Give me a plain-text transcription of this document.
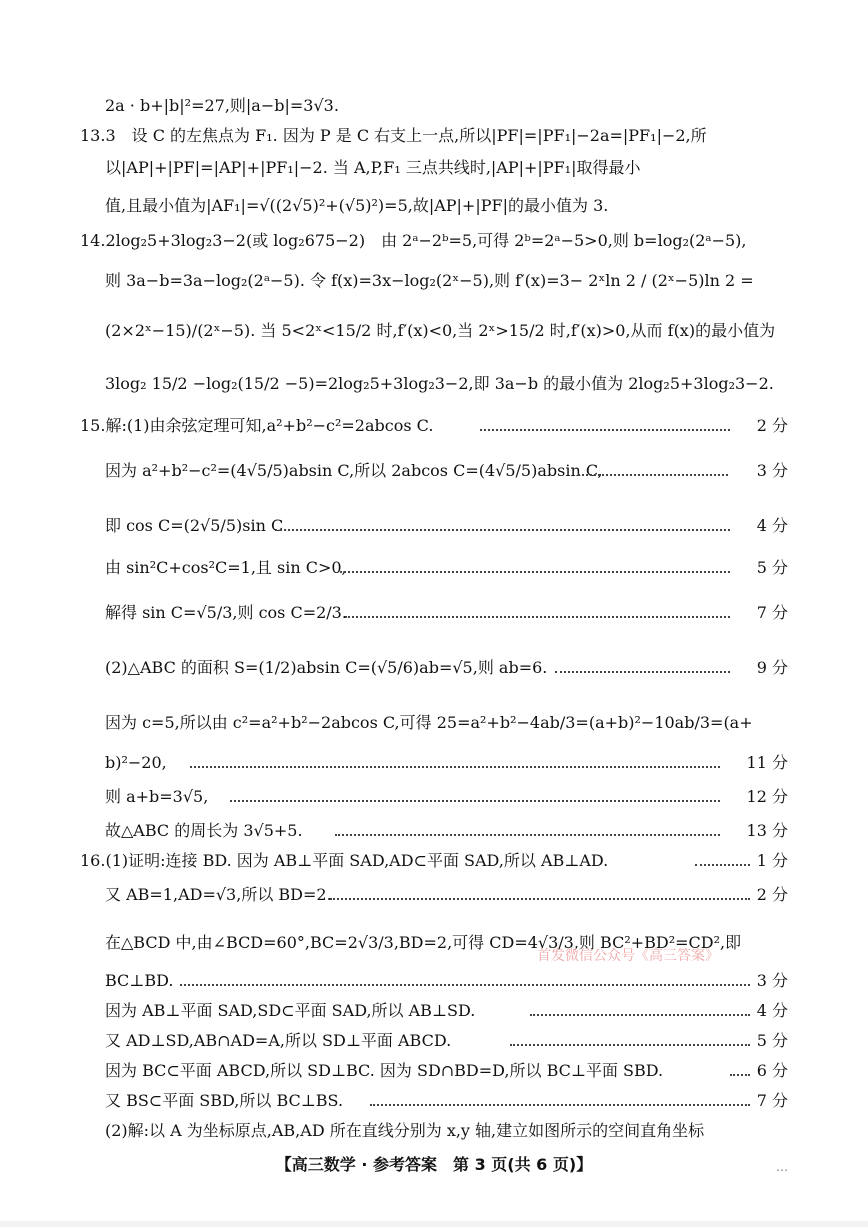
2a · b+|b|²=27,则|a−b|=3√3.
13.3　设 C 的左焦点为 F₁. 因为 P 是 C 右支上一点,所以|PF|=|PF₁|−2a=|PF₁|−2,所
以|AP|+|PF|=|AP|+|PF₁|−2. 当 A,P,F₁ 三点共线时,|AP|+|PF₁|取得最小
值,且最小值为|AF₁|=√((2√5)²+(√5)²)=5,故|AP|+|PF|的最小值为 3.
14.2log₂5+3log₂3−2(或 log₂675−2)　由 2ᵃ−2ᵇ=5,可得 2ᵇ=2ᵃ−5>0,则 b=log₂(2ᵃ−5),
则 3a−b=3a−log₂(2ᵃ−5). 令 f(x)=3x−log₂(2ˣ−5),则 f′(x)=3− 2ˣln 2 / (2ˣ−5)ln 2 =
(2×2ˣ−15)/(2ˣ−5). 当 5<2ˣ<15/2 时,f′(x)<0,当 2ˣ>15/2 时,f′(x)>0,从而 f(x)的最小值为
3log₂ 15/2 −log₂(15/2 −5)=2log₂5+3log₂3−2,即 3a−b 的最小值为 2log₂5+3log₂3−2.
15.解:(1)由余弦定理可知,a²+b²−c²=2abcos C.	2 分
因为 a²+b²−c²=(4√5/5)absin C,所以 2abcos C=(4√5/5)absin C,	3 分
即 cos C=(2√5/5)sin C.	4 分
由 sin²C+cos²C=1,且 sin C>0,	5 分
解得 sin C=√5/3,则 cos C=2/3.	7 分
(2)△ABC 的面积 S=(1/2)absin C=(√5/6)ab=√5,则 ab=6.	9 分
因为 c=5,所以由 c²=a²+b²−2abcos C,可得 25=a²+b²−4ab/3=(a+b)²−10ab/3=(a+
b)²−20,	11 分
则 a+b=3√5,	12 分
故△ABC 的周长为 3√5+5.	13 分
16.(1)证明:连接 BD. 因为 AB⊥平面 SAD,AD⊂平面 SAD,所以 AB⊥AD.	1 分
又 AB=1,AD=√3,所以 BD=2.	2 分
在△BCD 中,由∠BCD=60°,BC=2√3/3,BD=2,可得 CD=4√3/3,则 BC²+BD²=CD²,即
BC⊥BD.	3 分
因为 AB⊥平面 SAD,SD⊂平面 SAD,所以 AB⊥SD.	4 分
又 AD⊥SD,AB∩AD=A,所以 SD⊥平面 ABCD.	5 分
因为 BC⊂平面 ABCD,所以 SD⊥BC. 因为 SD∩BD=D,所以 BC⊥平面 SBD.	6 分
又 BS⊂平面 SBD,所以 BC⊥BS.	7 分
(2)解:以 A 为坐标原点,AB,AD 所在直线分别为 x,y 轴,建立如图所示的空间直角坐标
首发微信公众号《高三答案》
【高三数学 · 参考答案　第 3 页(共 6 页)】	…
